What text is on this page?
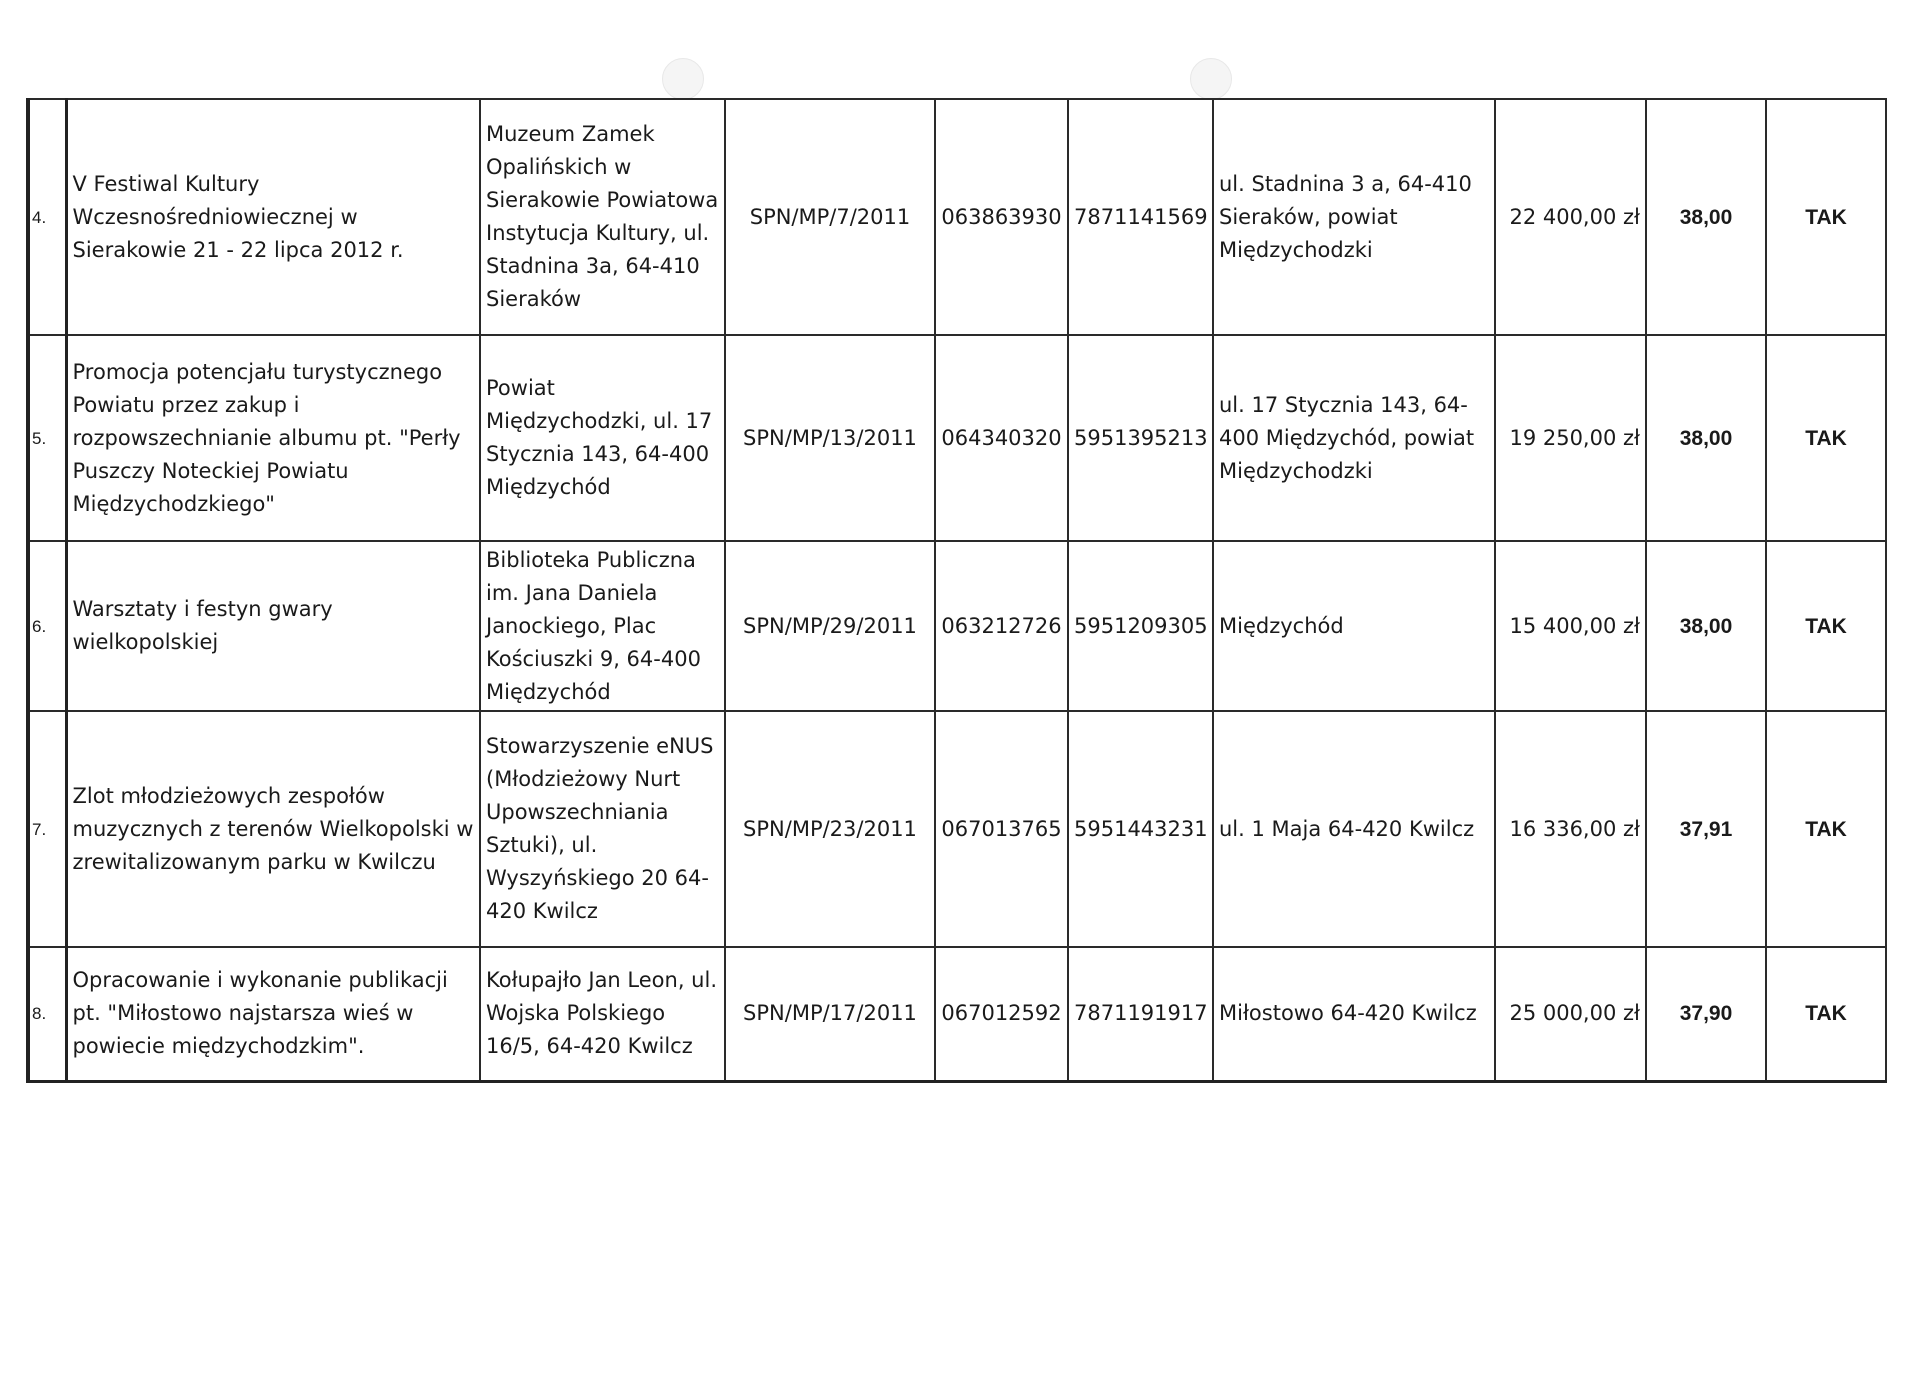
4.	V Festiwal Kultury Wczesnośredniowiecznej w Sierakowie 21 - 22 lipca 2012 r.	Muzeum Zamek Opalińskich w Sierakowie Powiatowa Instytucja Kultury, ul. Stadnina 3a, 64-410 Sieraków	SPN/MP/7/2011	063863930	7871141569	ul. Stadnina 3 a, 64-410 Sieraków, powiat Międzychodzki	22 400,00 zł	38,00	TAK
5.	Promocja potencjału turystycznego Powiatu przez zakup i rozpowszechnianie albumu pt. "Perły Puszczy Noteckiej Powiatu Międzychodzkiego"	Powiat Międzychodzki, ul. 17 Stycznia 143, 64-400 Międzychód	SPN/MP/13/2011	064340320	5951395213	ul. 17 Stycznia 143, 64-400 Międzychód, powiat Międzychodzki	19 250,00 zł	38,00	TAK
6.	Warsztaty i festyn gwary wielkopolskiej	Biblioteka Publiczna im. Jana Daniela Janockiego, Plac Kościuszki 9, 64-400 Międzychód	SPN/MP/29/2011	063212726	5951209305	Międzychód	15 400,00 zł	38,00	TAK
7.	Zlot młodzieżowych zespołów muzycznych z terenów Wielkopolski w zrewitalizowanym parku w Kwilczu	Stowarzyszenie eNUS (Młodzieżowy Nurt Upowszechniania Sztuki), ul. Wyszyńskiego 20 64-420 Kwilcz	SPN/MP/23/2011	067013765	5951443231	ul. 1 Maja 64-420 Kwilcz	16 336,00 zł	37,91	TAK
8.	Opracowanie i wykonanie publikacji pt. "Miłostowo najstarsza wieś w powiecie międzychodzkim".	Kołupajło Jan Leon, ul. Wojska Polskiego 16/5, 64-420 Kwilcz	SPN/MP/17/2011	067012592	7871191917	Miłostowo 64-420 Kwilcz	25 000,00 zł	37,90	TAK
